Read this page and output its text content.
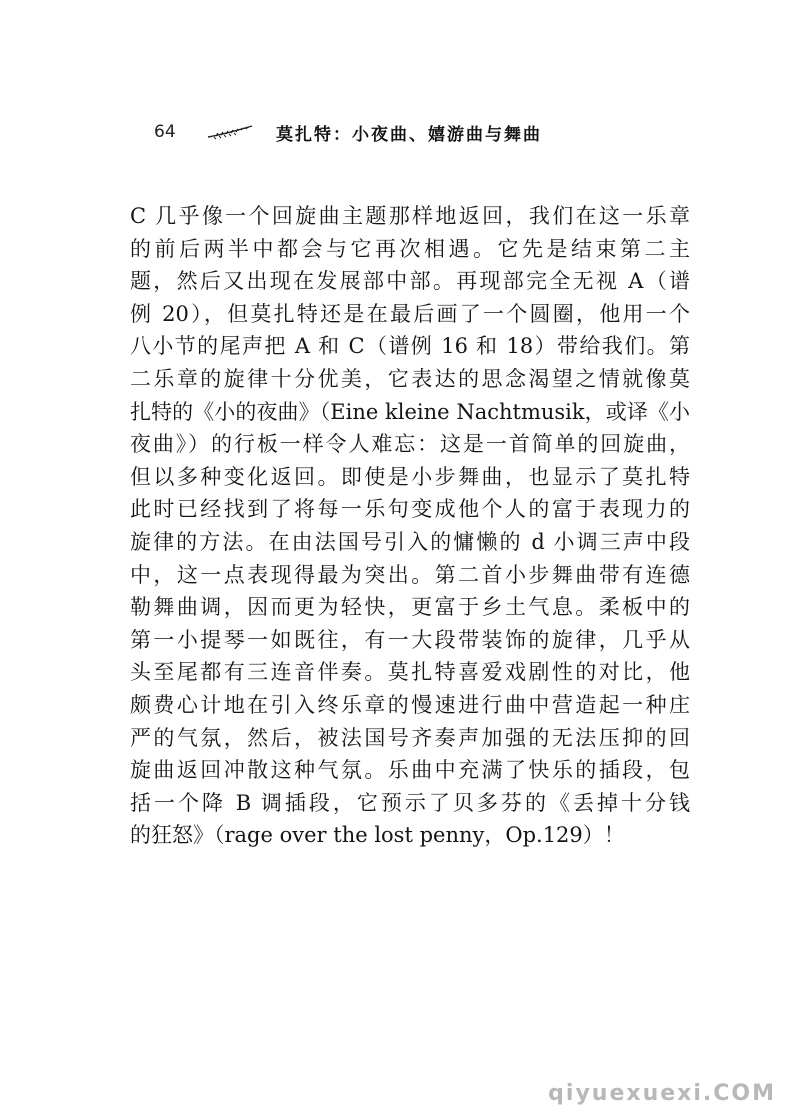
64	莫扎特：小夜曲、嬉游曲与舞曲
C 几乎像一个回旋曲主题那样地返回，我们在这一乐章
的前后两半中都会与它再次相遇。它先是结束第二主
题，然后又出现在发展部中部。再现部完全无视 A（谱
例 20），但莫扎特还是在最后画了一个圆圈，他用一个
八小节的尾声把 A 和 C（谱例 16 和 18）带给我们。第
二乐章的旋律十分优美，它表达的思念渴望之情就像莫
扎特的《小的夜曲》（Eine kleine Nachtmusik，或译《小
夜曲》）的行板一样令人难忘：这是一首简单的回旋曲，
但以多种变化返回。即使是小步舞曲，也显示了莫扎特
此时已经找到了将每一乐句变成他个人的富于表现力的
旋律的方法。在由法国号引入的慵懒的 d 小调三声中段
中，这一点表现得最为突出。第二首小步舞曲带有连德
勒舞曲调，因而更为轻快，更富于乡土气息。柔板中的
第一小提琴一如既往，有一大段带装饰的旋律，几乎从
头至尾都有三连音伴奏。莫扎特喜爱戏剧性的对比，他
颇费心计地在引入终乐章的慢速进行曲中营造起一种庄
严的气氛，然后，被法国号齐奏声加强的无法压抑的回
旋曲返回冲散这种气氛。乐曲中充满了快乐的插段，包
括一个降 B 调插段，它预示了贝多芬的《丢掉十分钱
的狂怒》（rage over the lost penny，Op.129）！
qiyuexuexi.COM
